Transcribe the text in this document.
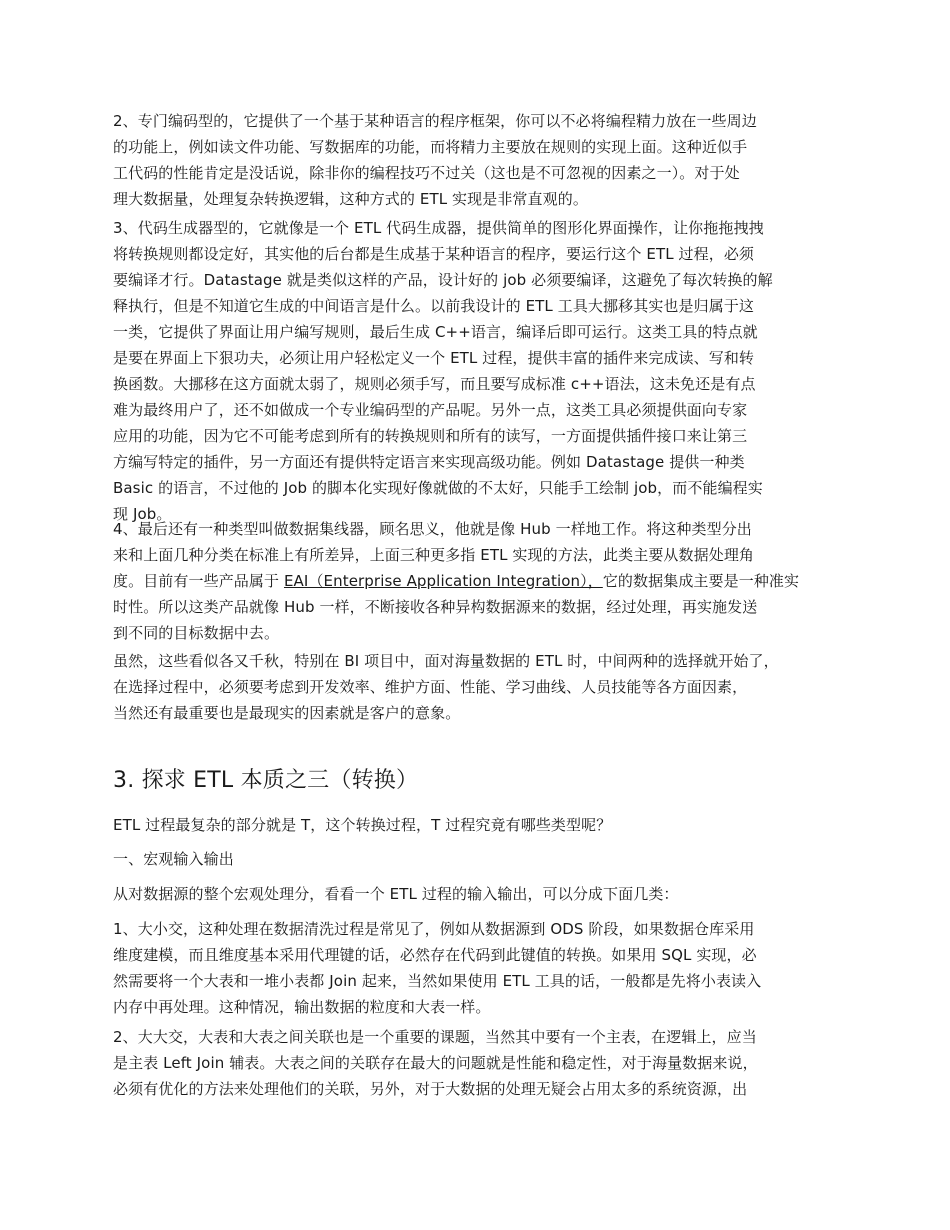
2、专门编码型的，它提供了一个基于某种语言的程序框架，你可以不必将编程精力放在一些周边
的功能上，例如读文件功能、写数据库的功能，而将精力主要放在规则的实现上面。这种近似手
工代码的性能肯定是没话说，除非你的编程技巧不过关（这也是不可忽视的因素之一）。对于处
理大数据量，处理复杂转换逻辑，这种方式的 ETL 实现是非常直观的。
3、代码生成器型的，它就像是一个 ETL 代码生成器，提供简单的图形化界面操作，让你拖拖拽拽
将转换规则都设定好，其实他的后台都是生成基于某种语言的程序，要运行这个 ETL 过程，必须
要编译才行。Datastage 就是类似这样的产品，设计好的 job 必须要编译，这避免了每次转换的解
释执行，但是不知道它生成的中间语言是什么。以前我设计的 ETL 工具大挪移其实也是归属于这
一类，它提供了界面让用户编写规则，最后生成 C++语言，编译后即可运行。这类工具的特点就
是要在界面上下狠功夫，必须让用户轻松定义一个 ETL 过程，提供丰富的插件来完成读、写和转
换函数。大挪移在这方面就太弱了，规则必须手写，而且要写成标准 c++语法，这未免还是有点
难为最终用户了，还不如做成一个专业编码型的产品呢。另外一点，这类工具必须提供面向专家
应用的功能，因为它不可能考虑到所有的转换规则和所有的读写，一方面提供插件接口来让第三
方编写特定的插件，另一方面还有提供特定语言来实现高级功能。例如 Datastage 提供一种类
Basic 的语言，不过他的 Job 的脚本化实现好像就做的不太好，只能手工绘制 job，而不能编程实
现 Job。
4、最后还有一种类型叫做数据集线器，顾名思义，他就是像 Hub 一样地工作。将这种类型分出
来和上面几种分类在标准上有所差异，上面三种更多指 ETL 实现的方法，此类主要从数据处理角
度。目前有一些产品属于 EAI（Enterprise Application Integration），它的数据集成主要是一种准实
时性。所以这类产品就像 Hub 一样，不断接收各种异构数据源来的数据，经过处理，再实施发送
到不同的目标数据中去。
虽然，这些看似各又千秋，特别在 BI 项目中，面对海量数据的 ETL 时，中间两种的选择就开始了，
在选择过程中，必须要考虑到开发效率、维护方面、性能、学习曲线、人员技能等各方面因素，
当然还有最重要也是最现实的因素就是客户的意象。
3. 探求 ETL 本质之三（转换）
ETL 过程最复杂的部分就是 T，这个转换过程，T 过程究竟有哪些类型呢？
一、宏观输入输出
从对数据源的整个宏观处理分，看看一个 ETL 过程的输入输出，可以分成下面几类：
1、大小交，这种处理在数据清洗过程是常见了，例如从数据源到 ODS 阶段，如果数据仓库采用
维度建模，而且维度基本采用代理键的话，必然存在代码到此键值的转换。如果用 SQL 实现，必
然需要将一个大表和一堆小表都 Join 起来，当然如果使用 ETL 工具的话，一般都是先将小表读入
内存中再处理。这种情况，输出数据的粒度和大表一样。
2、大大交，大表和大表之间关联也是一个重要的课题，当然其中要有一个主表，在逻辑上，应当
是主表 Left Join 辅表。大表之间的关联存在最大的问题就是性能和稳定性，对于海量数据来说，
必须有优化的方法来处理他们的关联，另外，对于大数据的处理无疑会占用太多的系统资源，出
